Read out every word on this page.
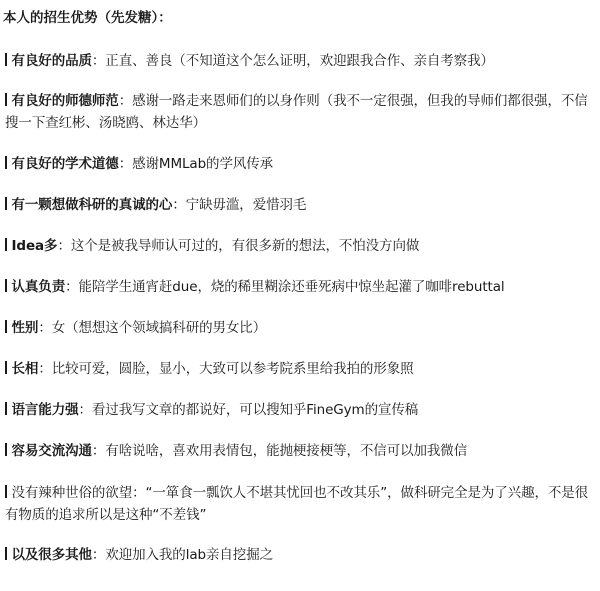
本人的招生优势（先发糖）：
有良好的品质：正直、善良（不知道这个怎么证明，欢迎跟我合作、亲自考察我）
有良好的师德师范：感谢一路走来恩师们的以身作则（我不一定很强，但我的导师们都很强，不信搜一下查红彬、汤晓鸥、林达华）
有良好的学术道德：感谢MMLab的学风传承
有一颗想做科研的真诚的心：宁缺毋滥，爱惜羽毛
Idea多：这个是被我导师认可过的，有很多新的想法，不怕没方向做
认真负责：能陪学生通宵赶due，烧的稀里糊涂还垂死病中惊坐起灌了咖啡rebuttal
性别：女（想想这个领域搞科研的男女比）
长相：比较可爱，圆脸，显小，大致可以参考院系里给我拍的形象照
语言能力强：看过我写文章的都说好，可以搜知乎FineGym的宣传稿
容易交流沟通：有啥说啥，喜欢用表情包，能抛梗接梗等，不信可以加我微信
没有辣种世俗的欲望：“一箪食一瓢饮人不堪其忧回也不改其乐”，做科研完全是为了兴趣，不是很有物质的追求所以是这种“不差钱”
以及很多其他：欢迎加入我的lab亲自挖掘之
